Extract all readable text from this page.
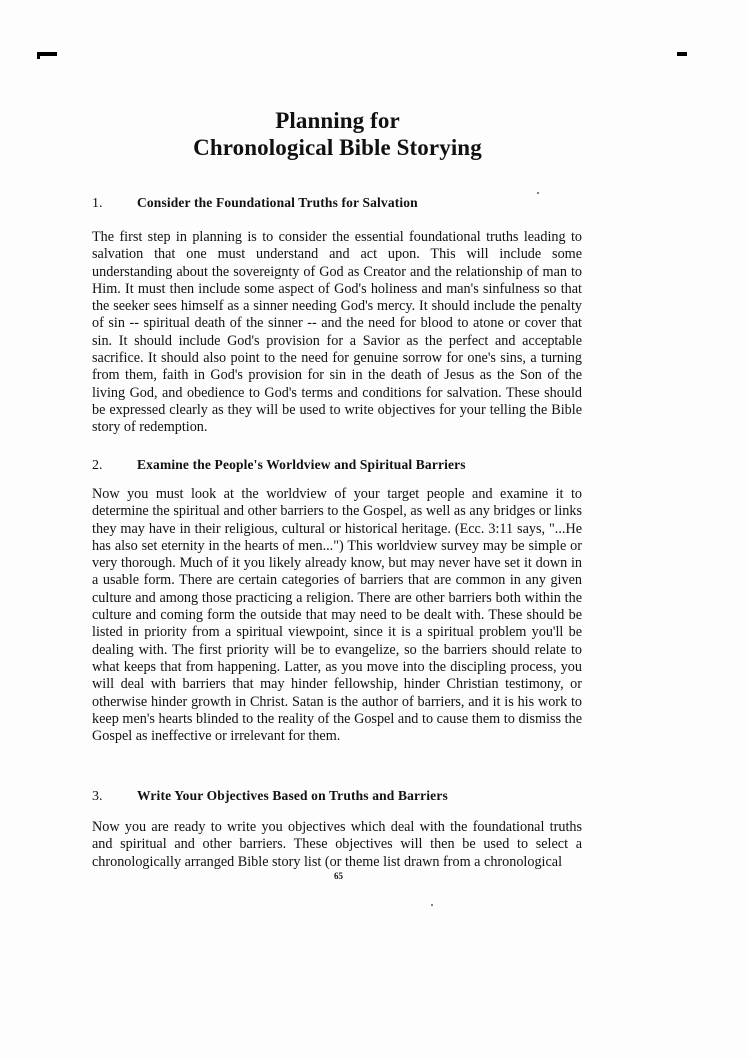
Planning for
Chronological Bible Storying
1.	Consider the Foundational Truths for Salvation

The first step in planning is to consider the essential foundational truths leading to salvation that one must understand and act upon. This will include some understanding about the sovereignty of God as Creator and the relationship of man to Him. It must then include some aspect of God's holiness and man's sinfulness so that the seeker sees himself as a sinner needing God's mercy. It should include the penalty of sin -- spiritual death of the sinner -- and the need for blood to atone or cover that sin. It should include God's provision for a Savior as the perfect and acceptable sacrifice. It should also point to the need for genuine sorrow for one's sins, a turning from them, faith in God's provision for sin in the death of Jesus as the Son of the living God, and obedience to God's terms and conditions for salvation. These should be expressed clearly as they will be used to write objectives for your telling the Bible story of redemption.

2.	Examine the People's Worldview and Spiritual Barriers

Now you must look at the worldview of your target people and examine it to determine the spiritual and other barriers to the Gospel, as well as any bridges or links they may have in their religious, cultural or historical heritage. (Ecc. 3:11 says, "...He has also set eternity in the hearts of men...") This worldview survey may be simple or very thorough. Much of it you likely already know, but may never have set it down in a usable form. There are certain categories of barriers that are common in any given culture and among those practicing a religion. There are other barriers both within the culture and coming form the outside that may need to be dealt with. These should be listed in priority from a spiritual viewpoint, since it is a spiritual problem you'll be dealing with. The first priority will be to evangelize, so the barriers should relate to what keeps that from happening. Latter, as you move into the discipling process, you will deal with barriers that may hinder fellowship, hinder Christian testimony, or otherwise hinder growth in Christ. Satan is the author of barriers, and it is his work to keep men's hearts blinded to the reality of the Gospel and to cause them to dismiss the Gospel as ineffective or irrelevant for them.

3.	Write Your Objectives Based on Truths and Barriers

Now you are ready to write you objectives which deal with the foundational truths and spiritual and other barriers. These objectives will then be used to select a chronologically arranged Bible story list (or theme list drawn from a chronological

65
